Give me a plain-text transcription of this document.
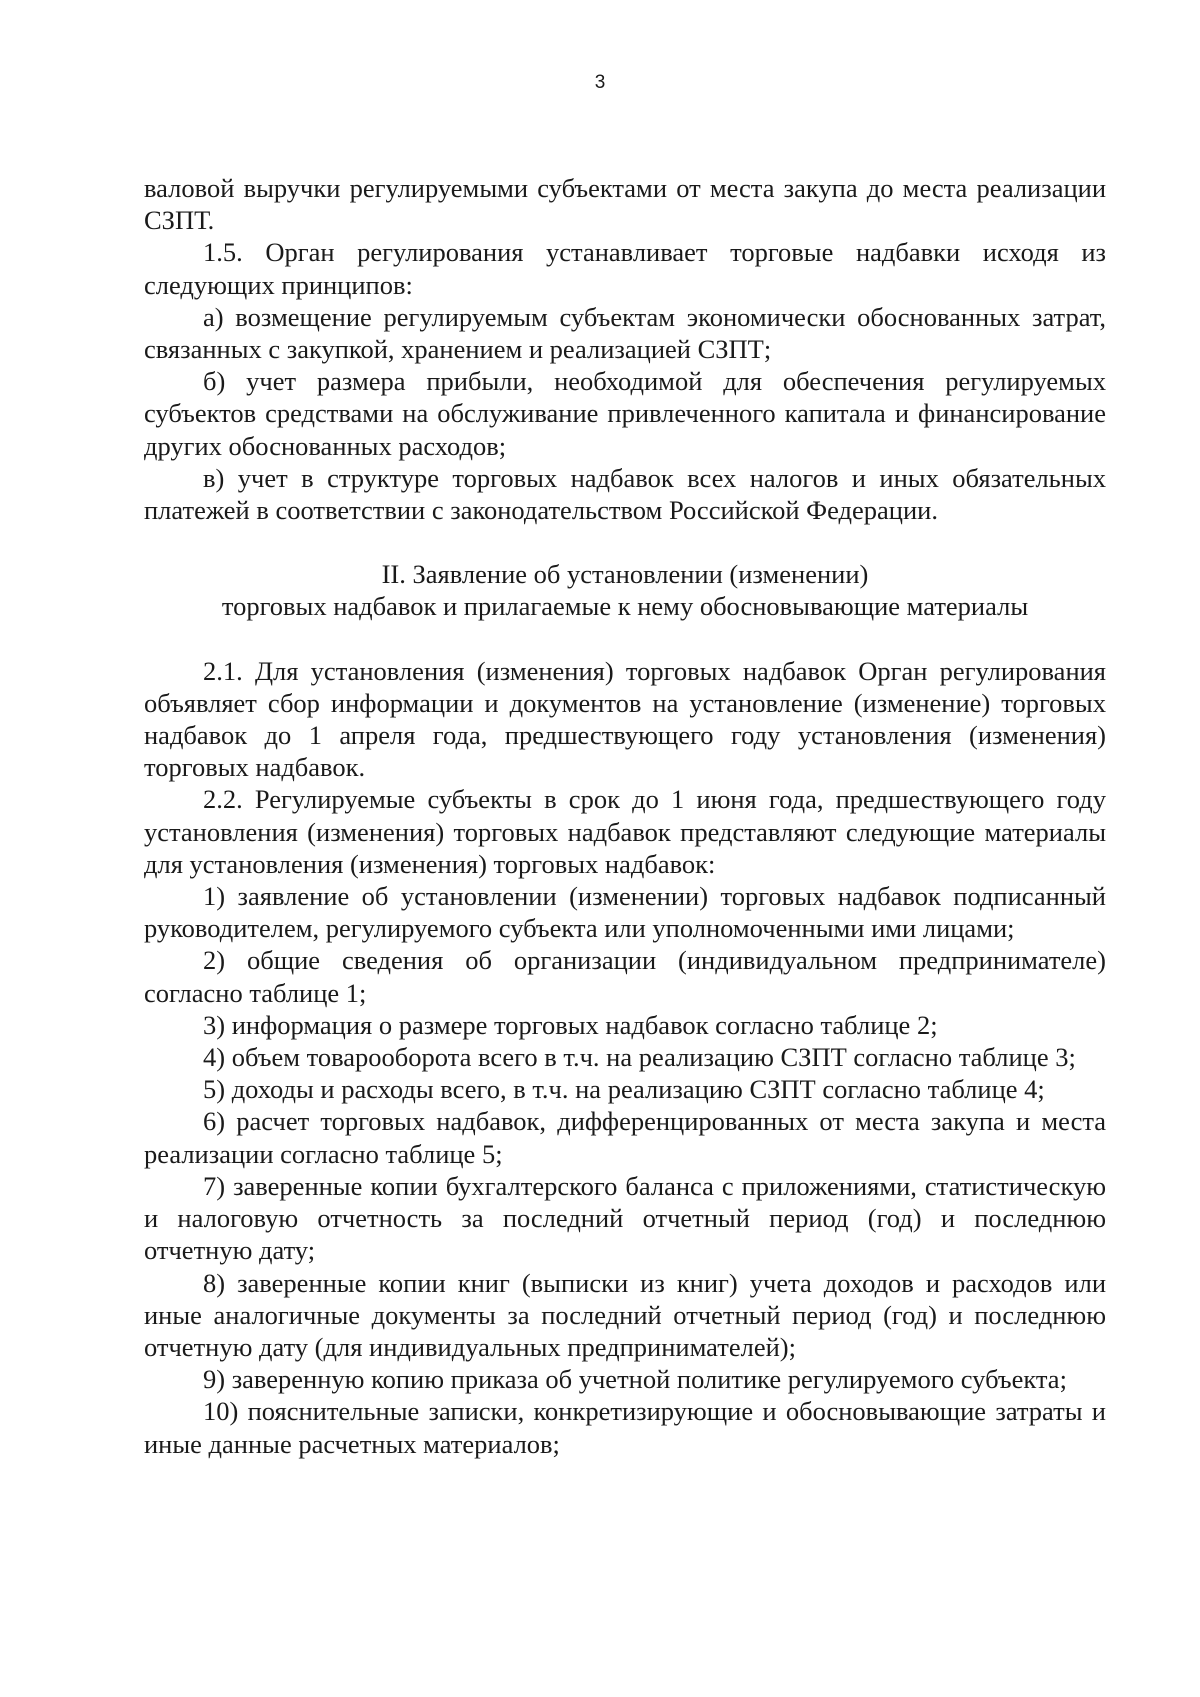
3

валовой выручки регулируемыми субъектами от места закупа до места реализации СЗПТ.

1.5. Орган регулирования устанавливает торговые надбавки исходя из следующих принципов:

а) возмещение регулируемым субъектам экономически обоснованных затрат, связанных с закупкой, хранением и реализацией СЗПТ;

б) учет размера прибыли, необходимой для обеспечения регулируемых субъектов средствами на обслуживание привлеченного капитала и финансирование других обоснованных расходов;

в) учет в структуре торговых надбавок всех налогов и иных обязательных платежей в соответствии с законодательством Российской Федерации.

II. Заявление об установлении (изменении)
торговых надбавок и прилагаемые к нему обосновывающие материалы

2.1. Для установления (изменения) торговых надбавок Орган регулирования объявляет сбор информации и документов на установление (изменение) торговых надбавок до 1 апреля года, предшествующего году установления (изменения) торговых надбавок.

2.2. Регулируемые субъекты в срок до 1 июня года, предшествующего году установления (изменения) торговых надбавок представляют следующие материалы для установления (изменения) торговых надбавок:

1) заявление об установлении (изменении) торговых надбавок подписанный руководителем, регулируемого субъекта или уполномоченными ими лицами;

2) общие сведения об организации (индивидуальном предпринимателе) согласно таблице 1;

3) информация о размере торговых надбавок согласно таблице 2;

4) объем товарооборота всего в т.ч. на реализацию СЗПТ согласно таблице 3;

5) доходы и расходы всего, в т.ч. на реализацию СЗПТ согласно таблице 4;

6) расчет торговых надбавок, дифференцированных от места закупа и места реализации согласно таблице 5;

7) заверенные копии бухгалтерского баланса с приложениями, статистическую и налоговую отчетность за последний отчетный период (год) и последнюю отчетную дату;

8) заверенные копии книг (выписки из книг) учета доходов и расходов или иные аналогичные документы за последний отчетный период (год) и последнюю отчетную дату (для индивидуальных предпринимателей);

9) заверенную копию приказа об учетной политике регулируемого субъекта;

10) пояснительные записки, конкретизирующие и обосновывающие затраты и иные данные расчетных материалов;
